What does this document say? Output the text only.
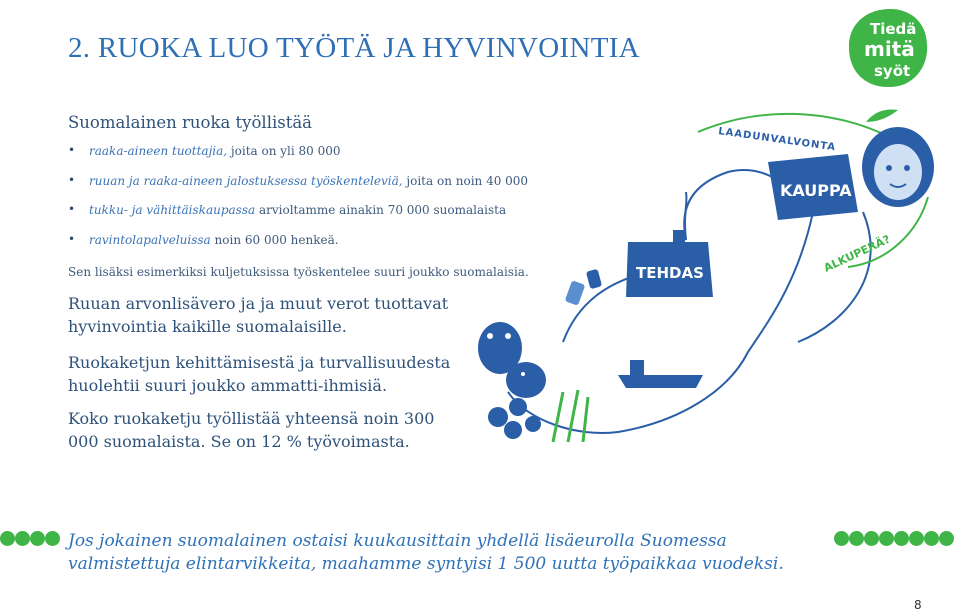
2. RUOKA LUO TYÖTÄ JA HYVINVOINTIA
Tiedä
mitä
syöt
Suomalainen ruoka työllistää
• raaka-aineen tuottajia, joita on yli 80 000
• ruuan ja raaka-aineen jalostuksessa työskenteleviä, joita on noin 40 000
• tukku- ja vähittäiskaupassa arvioltamme ainakin 70 000 suomalaista
• ravintolapalveluissa noin 60 000 henkeä.
Sen lisäksi esimerkiksi kuljetuksissa työskentelee suuri joukko suomalaisia.
Ruuan arvonlisävero ja ja muut verot tuottavat hyvinvointia kaikille suomalaisille.
Ruokaketjun kehittämisestä ja turvallisuudesta huolehtii suuri joukko ammatti-ihmisiä.
Koko ruokaketju työllistää yhteensä noin 300 000 suomalaista. Se on 12 % työvoimasta.
LAADUNVALVONTA
KAUPPA
ALKUPERÄ?
TEHDAS
Jos jokainen suomalainen ostaisi kuukausittain yhdellä lisäeurolla Suomessa valmistettuja elintarvikkeita, maahamme syntyisi 1 500 uutta työpaikkaa vuodeksi.
8
